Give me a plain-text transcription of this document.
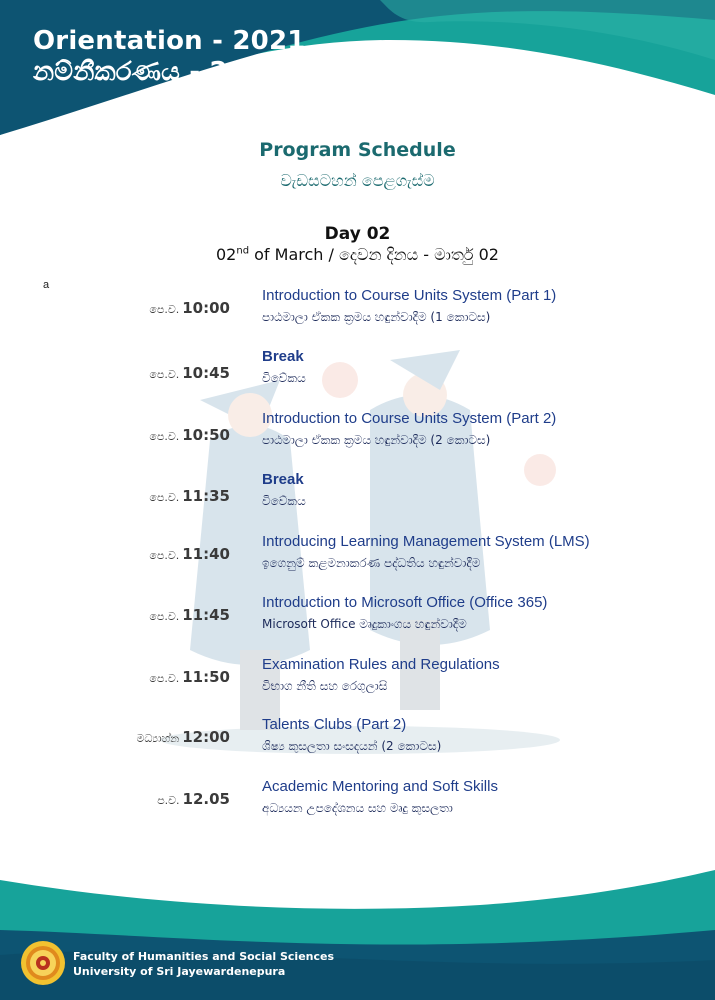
Orientation - 2021
නම්නීකරණය - 2021
Program Schedule
වැඩසටහන් පෙළගැස්ම
Day 02
02nd of March / දෙවන දිනය - මාර්තු 02
a
පෙ.ව. 10:00
Introduction to Course Units System (Part 1)
පාඨමාලා ඒකක ක්‍රමය හඳුන්වාදීම (1 කොටස)
පෙ.ව. 10:45
Break
විවේකය
පෙ.ව. 10:50
Introduction to Course Units System (Part 2)
පාඨමාලා ඒකක ක්‍රමය හඳුන්වාදීම (2 කොටස)
පෙ.ව. 11:35
Break
විවේකය
පෙ.ව. 11:40
Introducing Learning Management System (LMS)
ඉගෙනුම් කළමනාකරණ පද්ධතිය හඳුන්වාදීම
පෙ.ව. 11:45
Introduction to Microsoft Office (Office 365)
Microsoft Office මෘදුකාංගය හඳුන්වාදීම
පෙ.ව. 11:50
Examination Rules and Regulations
විභාග නීති සහ රෙගුලාසි
මධ්‍යාහ්න 12:00
Talents Clubs (Part 2)
ශිෂ්‍ය කුසලතා සංසදයන් (2 කොටස)
ප.ව. 12.05
Academic Mentoring and Soft Skills
අධ්‍යයන උපදේශනය සහ මෘදු කුසලතා
Faculty of Humanities and Social Sciences
University of Sri Jayewardenepura
